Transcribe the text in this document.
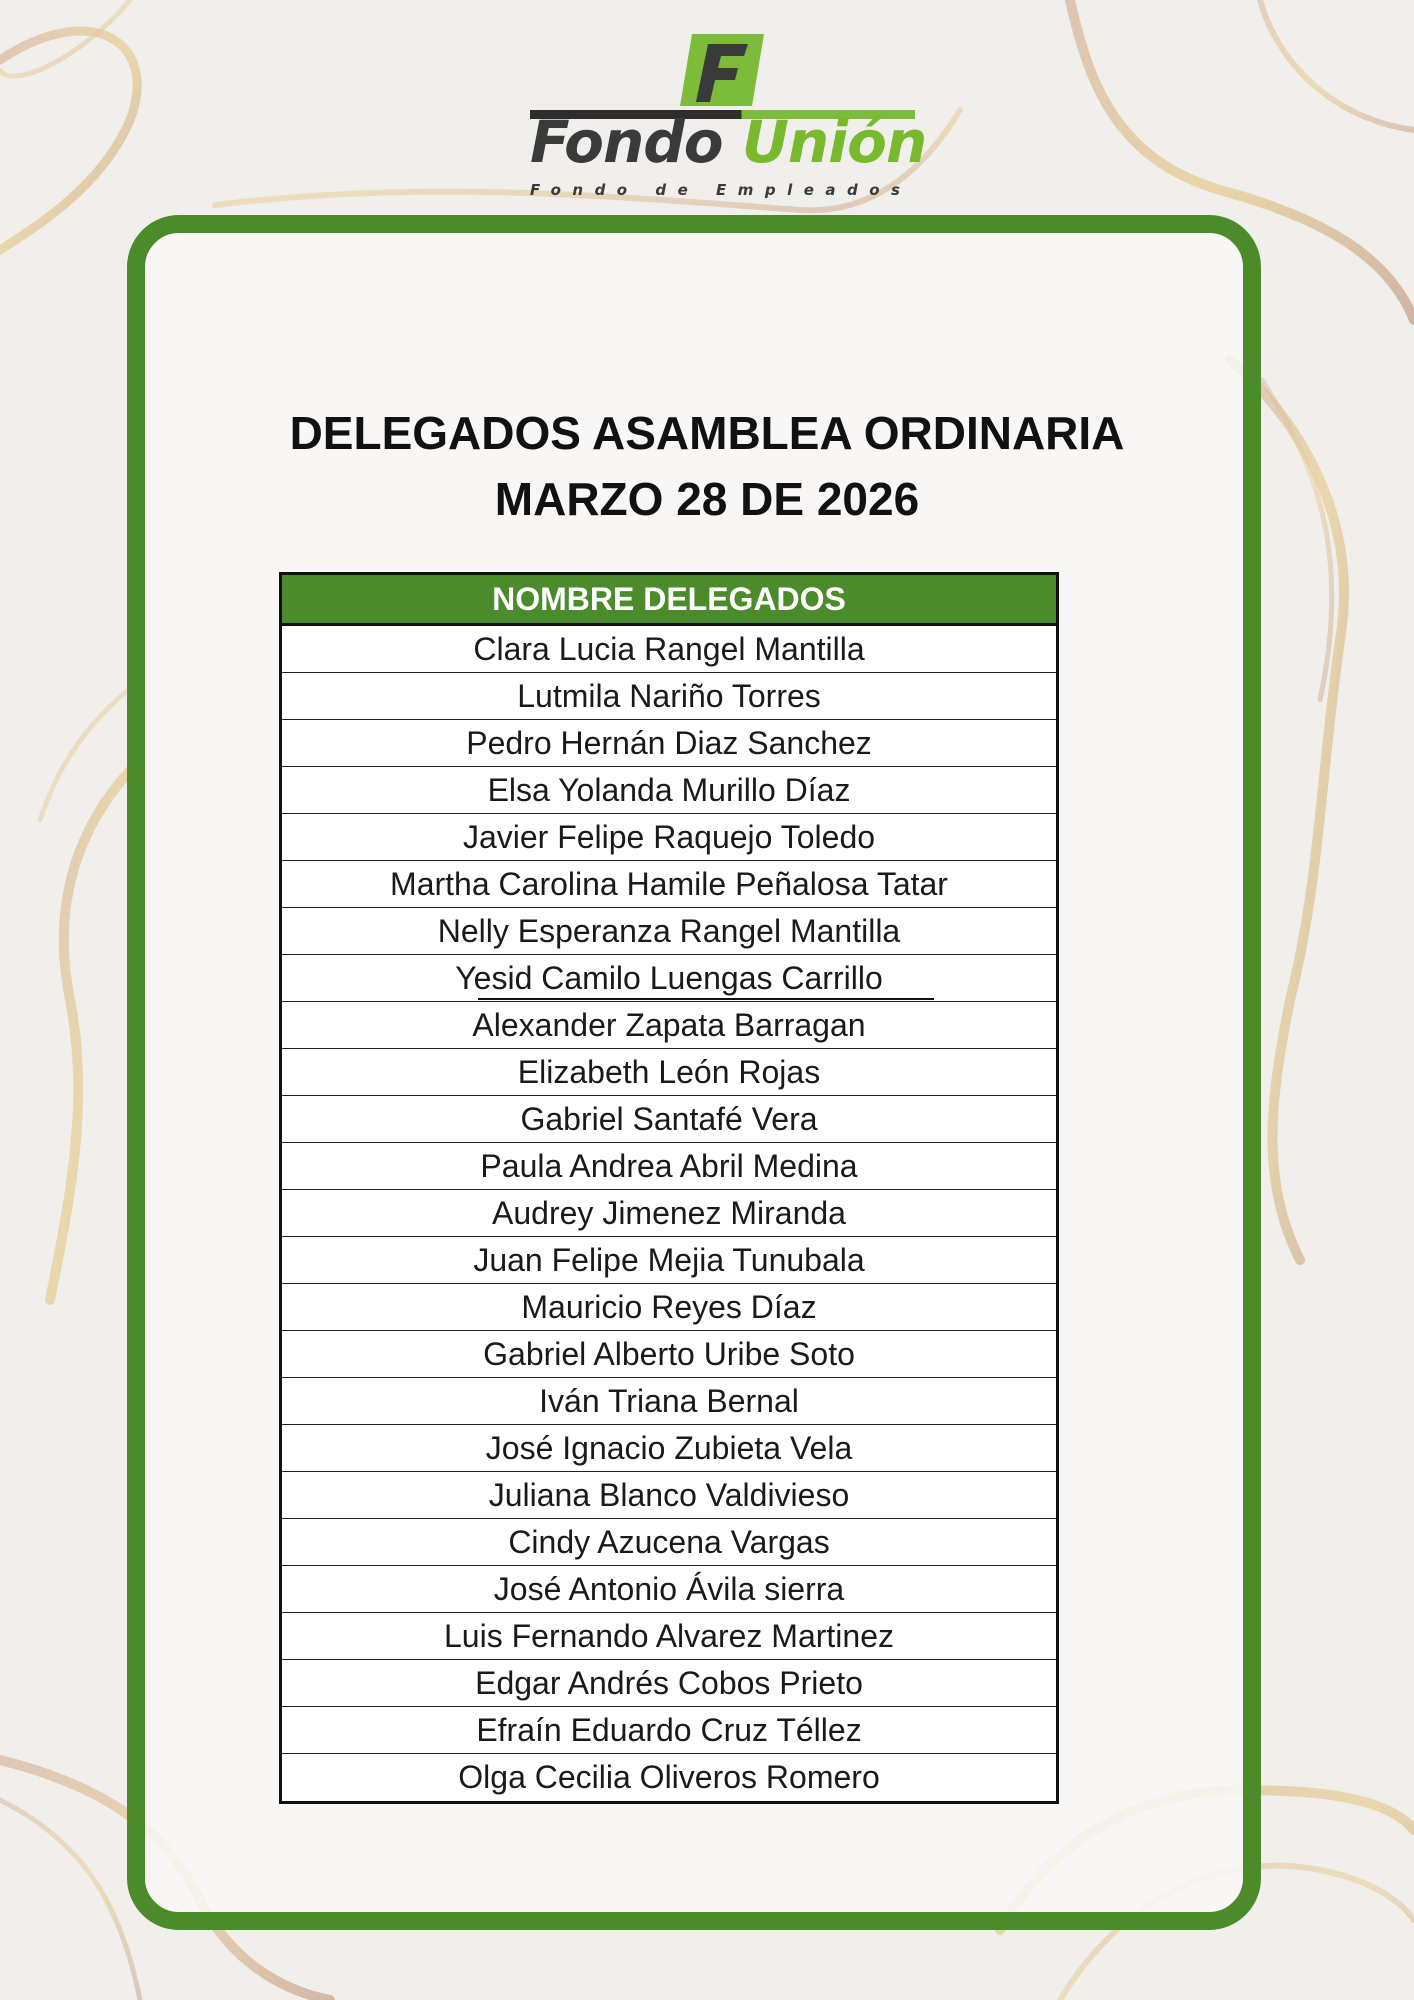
Fondo Unión
Fondo de Empleados
DELEGADOS ASAMBLEA ORDINARIA
MARZO 28 DE 2026
NOMBRE DELEGADOS
Clara Lucia Rangel Mantilla
Lutmila Nariño Torres
Pedro Hernán Diaz Sanchez
Elsa Yolanda Murillo Díaz
Javier Felipe Raquejo Toledo
Martha Carolina Hamile Peñalosa Tatar
Nelly Esperanza Rangel Mantilla
Yesid Camilo Luengas Carrillo
Alexander Zapata Barragan
Elizabeth León Rojas
Gabriel Santafé Vera
Paula Andrea Abril Medina
Audrey Jimenez Miranda
Juan Felipe Mejia Tunubala
Mauricio Reyes Díaz
Gabriel Alberto Uribe Soto
Iván Triana Bernal
José Ignacio Zubieta Vela
Juliana Blanco Valdivieso
Cindy Azucena Vargas
José Antonio Ávila sierra
Luis Fernando Alvarez Martinez
Edgar Andrés Cobos Prieto
Efraín Eduardo Cruz Téllez
Olga Cecilia Oliveros Romero
